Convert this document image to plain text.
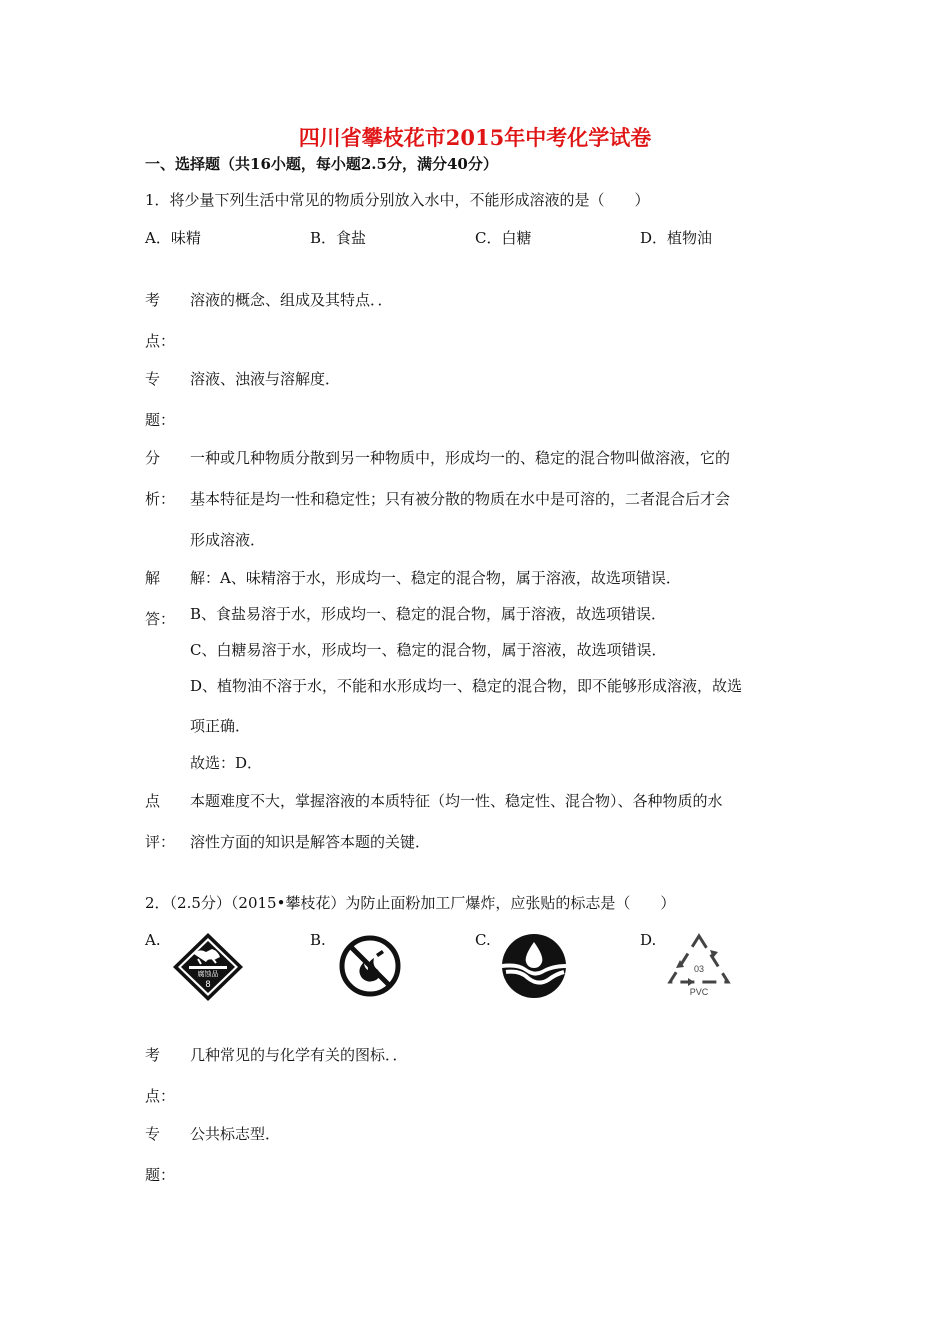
四川省攀枝花市2015年中考化学试卷
一、选择题（共16小题，每小题2.5分，满分40分）
1．将少量下列生活中常见的物质分别放入水中，不能形成溶液的是（　　）
A．味精	B．食盐	C．白糖	D．植物油
考
点：
溶液的概念、组成及其特点．．
专
题：
溶液、浊液与溶解度．
分
析：
一种或几种物质分散到另一种物质中，形成均一的、稳定的混合物叫做溶液，它的
基本特征是均一性和稳定性；只有被分散的物质在水中是可溶的，二者混合后才会
形成溶液．
解
答：
解：A、味精溶于水，形成均一、稳定的混合物，属于溶液，故选项错误．
B、食盐易溶于水，形成均一、稳定的混合物，属于溶液，故选项错误．
C、白糖易溶于水，形成均一、稳定的混合物，属于溶液，故选项错误．
D、植物油不溶于水，不能和水形成均一、稳定的混合物，即不能够形成溶液，故选
项正确．
故选：D．
点
评：
本题难度不大，掌握溶液的本质特征（均一性、稳定性、混合物）、各种物质的水
溶性方面的知识是解答本题的关键．
2．（2.5分）（2015•攀枝花）为防止面粉加工厂爆炸，应张贴的标志是（　　）
A.	B.	C.	D.
腐蚀品
8
03
PVC
考
点：
几种常见的与化学有关的图标．．
专
题：
公共标志型．
